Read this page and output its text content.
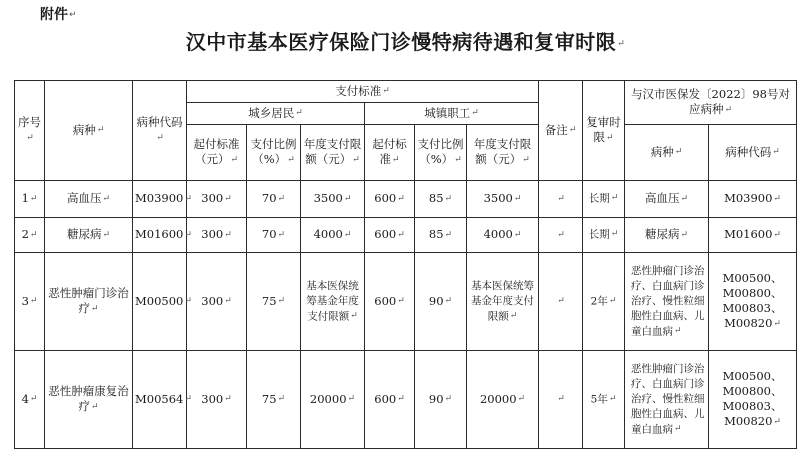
附件↵
汉中市基本医疗保险门诊慢特病待遇和复审时限↵
序号↵	病种↵	病种代码↵	支付标准↵						备注↵	复审时限↵	与汉市医保发〔2022〕98号对应病种↵	
			城乡居民↵			城镇职工↵						
			起付标准（元）↵	支付比例（%）↵	年度支付限额（元）↵	起付标准↵	支付比例（%）↵	年度支付限额（元）↵			病种↵	病种代码↵
1↵	高血压↵	M03900↵	300↵	70↵	3500↵	600↵	85↵	3500↵	↵	长期↵	高血压↵	M03900↵
2↵	糖尿病↵	M01600↵	300↵	70↵	4000↵	600↵	85↵	4000↵	↵	长期↵	糖尿病↵	M01600↵
3↵	恶性肿瘤门诊治疗↵	M00500↵	300↵	75↵	基本医保统筹基金年度支付限额↵	600↵	90↵	基本医保统筹基金年度支付限额↵	↵	2年↵	恶性肿瘤门诊治疗、白血病门诊治疗、慢性粒细胞性白血病、儿童白血病↵	M00500、M00800、M00803、M00820↵
4↵	恶性肿瘤康复治疗↵	M00564↵	300↵	75↵	20000↵	600↵	90↵	20000↵	↵	5年↵	恶性肿瘤门诊治疗、白血病门诊治疗、慢性粒细胞性白血病、儿童白血病↵	M00500、M00800、M00803、M00820↵
